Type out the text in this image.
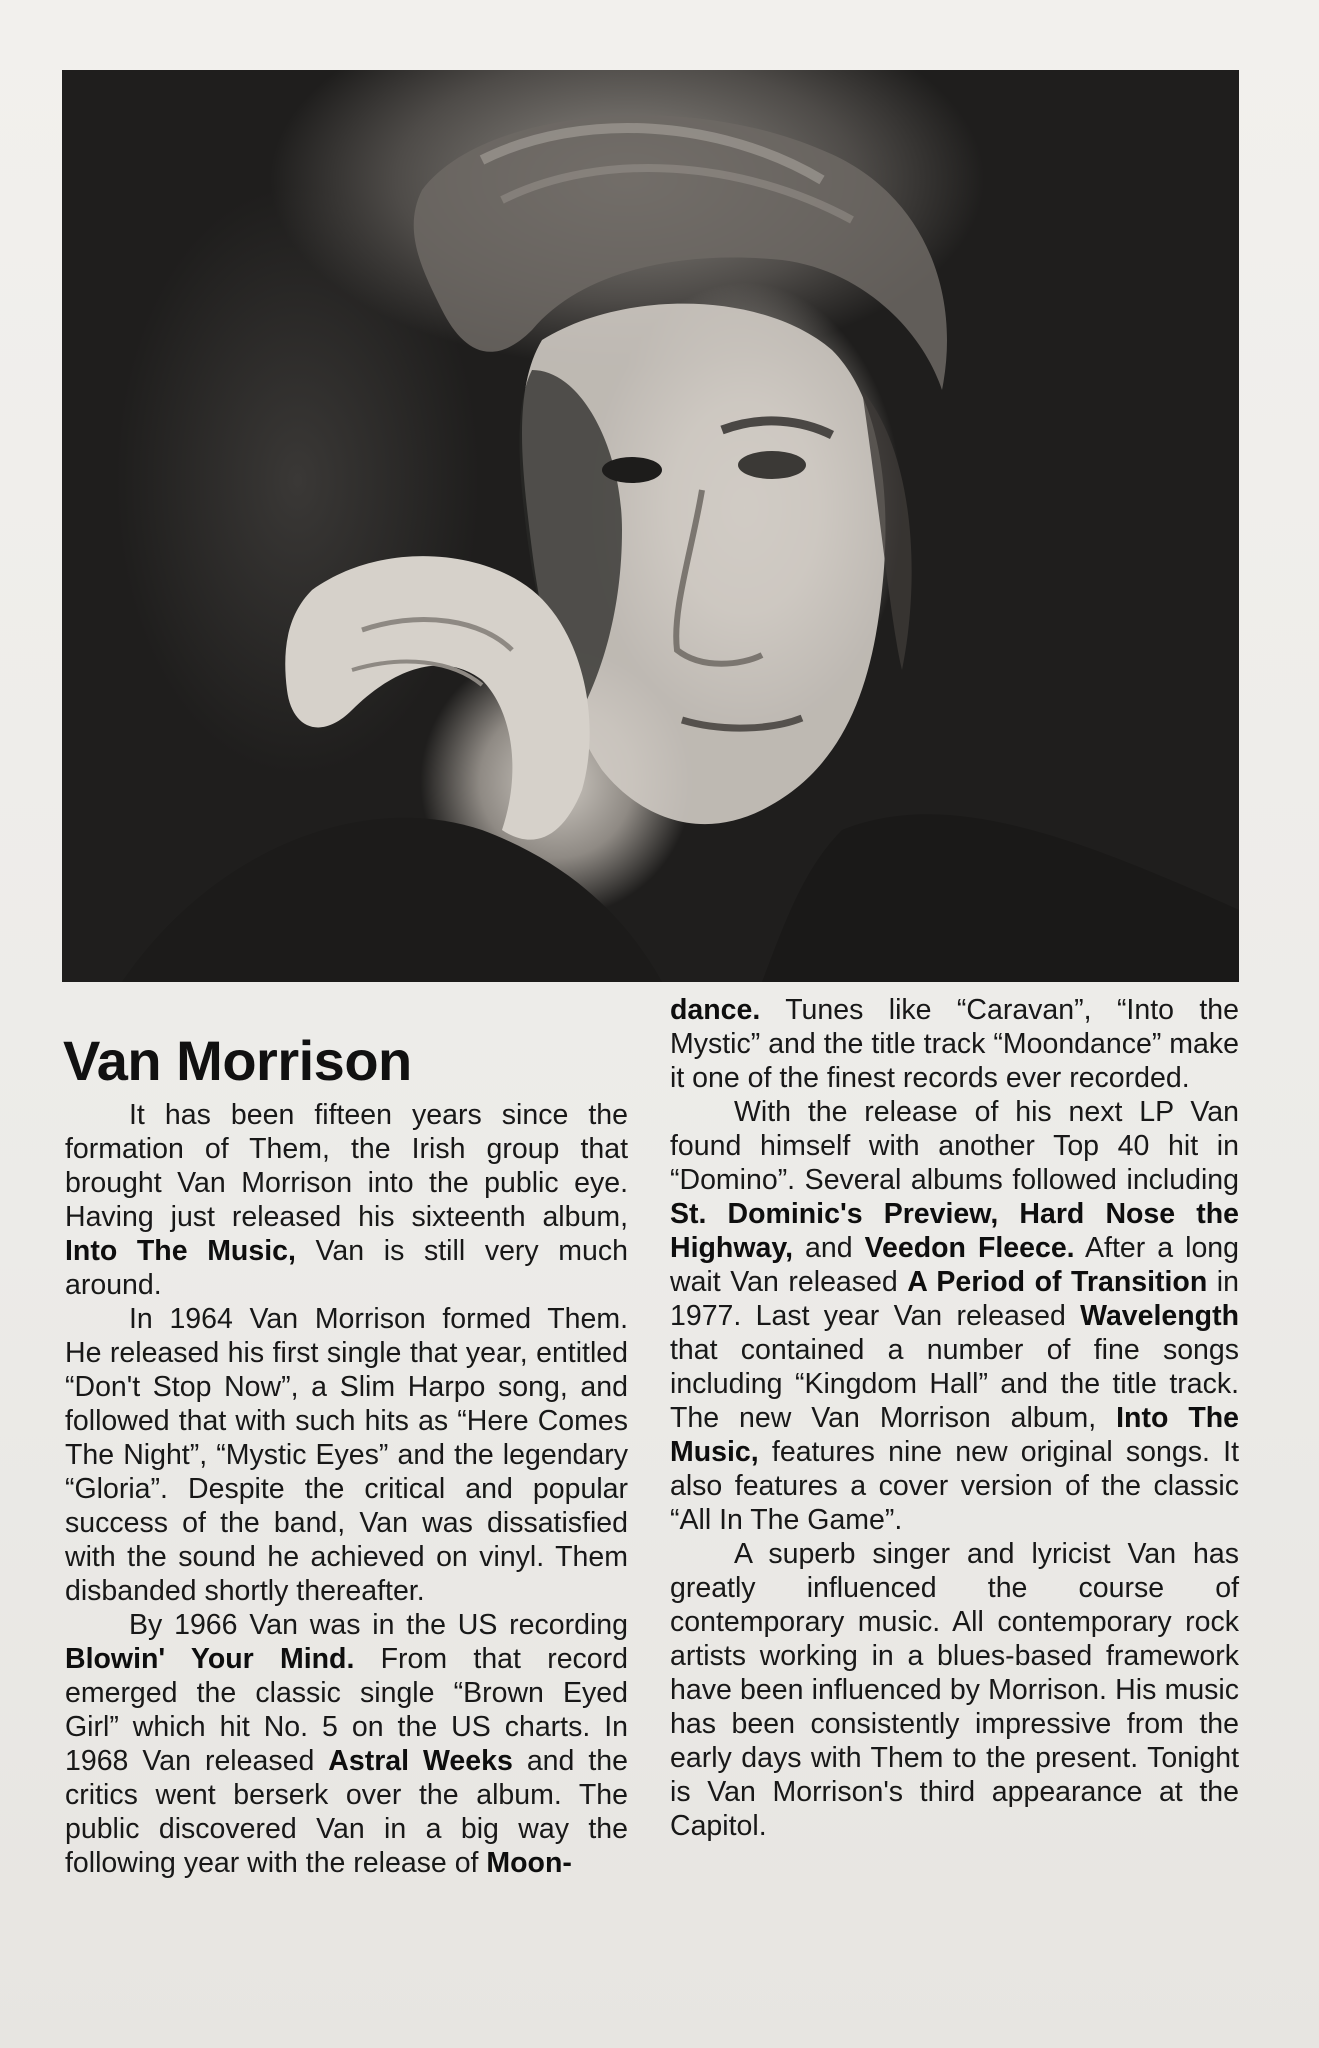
Van Morrison

It has been fifteen years since the formation of Them, the Irish group that brought Van Morrison into the public eye. Having just released his sixteenth album, Into The Music, Van is still very much around.

In 1964 Van Morrison formed Them. He released his first single that year, entitled “Don't Stop Now”, a Slim Harpo song, and followed that with such hits as “Here Comes The Night”, “Mystic Eyes” and the legendary “Gloria”. Despite the critical and popular success of the band, Van was dissatisfied with the sound he achieved on vinyl. Them disbanded shortly thereafter.

By 1966 Van was in the US recording Blowin' Your Mind. From that record emerged the classic single “Brown Eyed Girl” which hit No. 5 on the US charts. In 1968 Van released Astral Weeks and the critics went berserk over the album. The public discovered Van in a big way the following year with the release of Moon-

dance. Tunes like “Caravan”, “Into the Mystic” and the title track “Moondance” make it one of the finest records ever recorded.

With the release of his next LP Van found himself with another Top 40 hit in “Domino”. Several albums followed including St. Dominic's Preview, Hard Nose the Highway, and Veedon Fleece. After a long wait Van released A Period of Transition in 1977. Last year Van released Wavelength that contained a number of fine songs including “Kingdom Hall” and the title track. The new Van Morrison album, Into The Music, features nine new original songs. It also features a cover version of the classic “All In The Game”.

A superb singer and lyricist Van has greatly influenced the course of contemporary music. All contemporary rock artists working in a blues-based framework have been influenced by Morrison. His music has been consistently impressive from the early days with Them to the present. Tonight is Van Morrison's third appearance at the Capitol.
